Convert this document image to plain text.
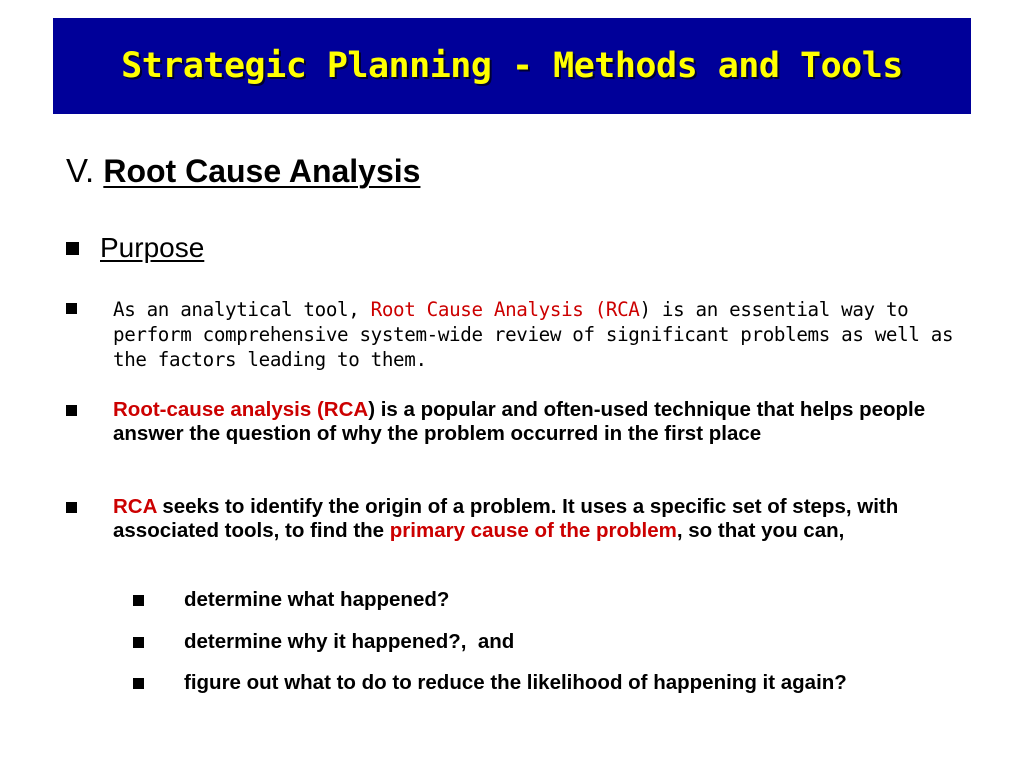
Strategic Planning - Methods and Tools
V. Root Cause Analysis
Purpose
As an analytical tool, Root Cause Analysis (RCA) is an essential way to perform comprehensive system-wide review of significant problems as well as the factors leading to them.
Root-cause analysis (RCA) is a popular and often-used technique that helps people answer the question of why the problem occurred in the first place
RCA seeks to identify the origin of a problem. It uses a specific set of steps, with associated tools, to find the primary cause of the problem, so that you can,
determine what happened?
determine why it happened?,  and
figure out what to do to reduce the likelihood of happening it again?
